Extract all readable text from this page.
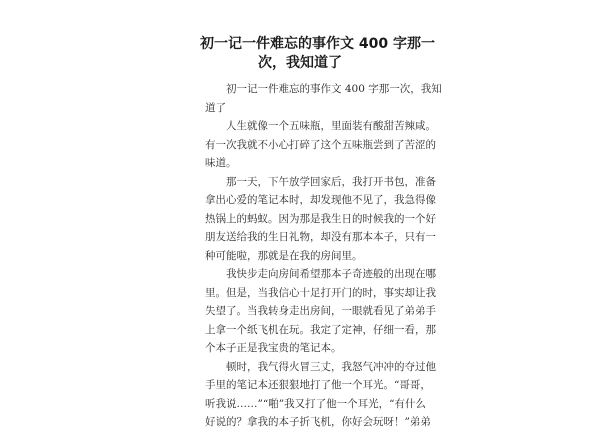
初一记一件难忘的事作文 400 字那一
次，我知道了
初一记一件难忘的事作文 400 字那一次，我知
道了
人生就像一个五味瓶，里面装有酸甜苦辣咸。
有一次我就不小心打碎了这个五味瓶尝到了苦涩的
味道。
那一天，下午放学回家后，我打开书包，准备
拿出心爱的笔记本时，却发现他不见了，我急得像
热锅上的蚂蚁。因为那是我生日的时候我的一个好
朋友送给我的生日礼物，却没有那本本子，只有一
种可能啦，那就是在我的房间里。
我快步走向房间希望那本子奇迹般的出现在哪
里。但是，当我信心十足打开门的时，事实却让我
失望了。当我转身走出房间，一眼就看见了弟弟手
上拿一个纸飞机在玩。我定了定神，仔细一看，那
个本子正是我宝贵的笔记本。
顿时，我气得火冒三丈，我怒气冲冲的夺过他
手里的笔记本还狠狠地打了他一个耳光。“哥哥，
听我说……”“啪”我又打了他一个耳光，“有什么
好说的？拿我的本子折飞机，你好会玩呀！”弟弟
